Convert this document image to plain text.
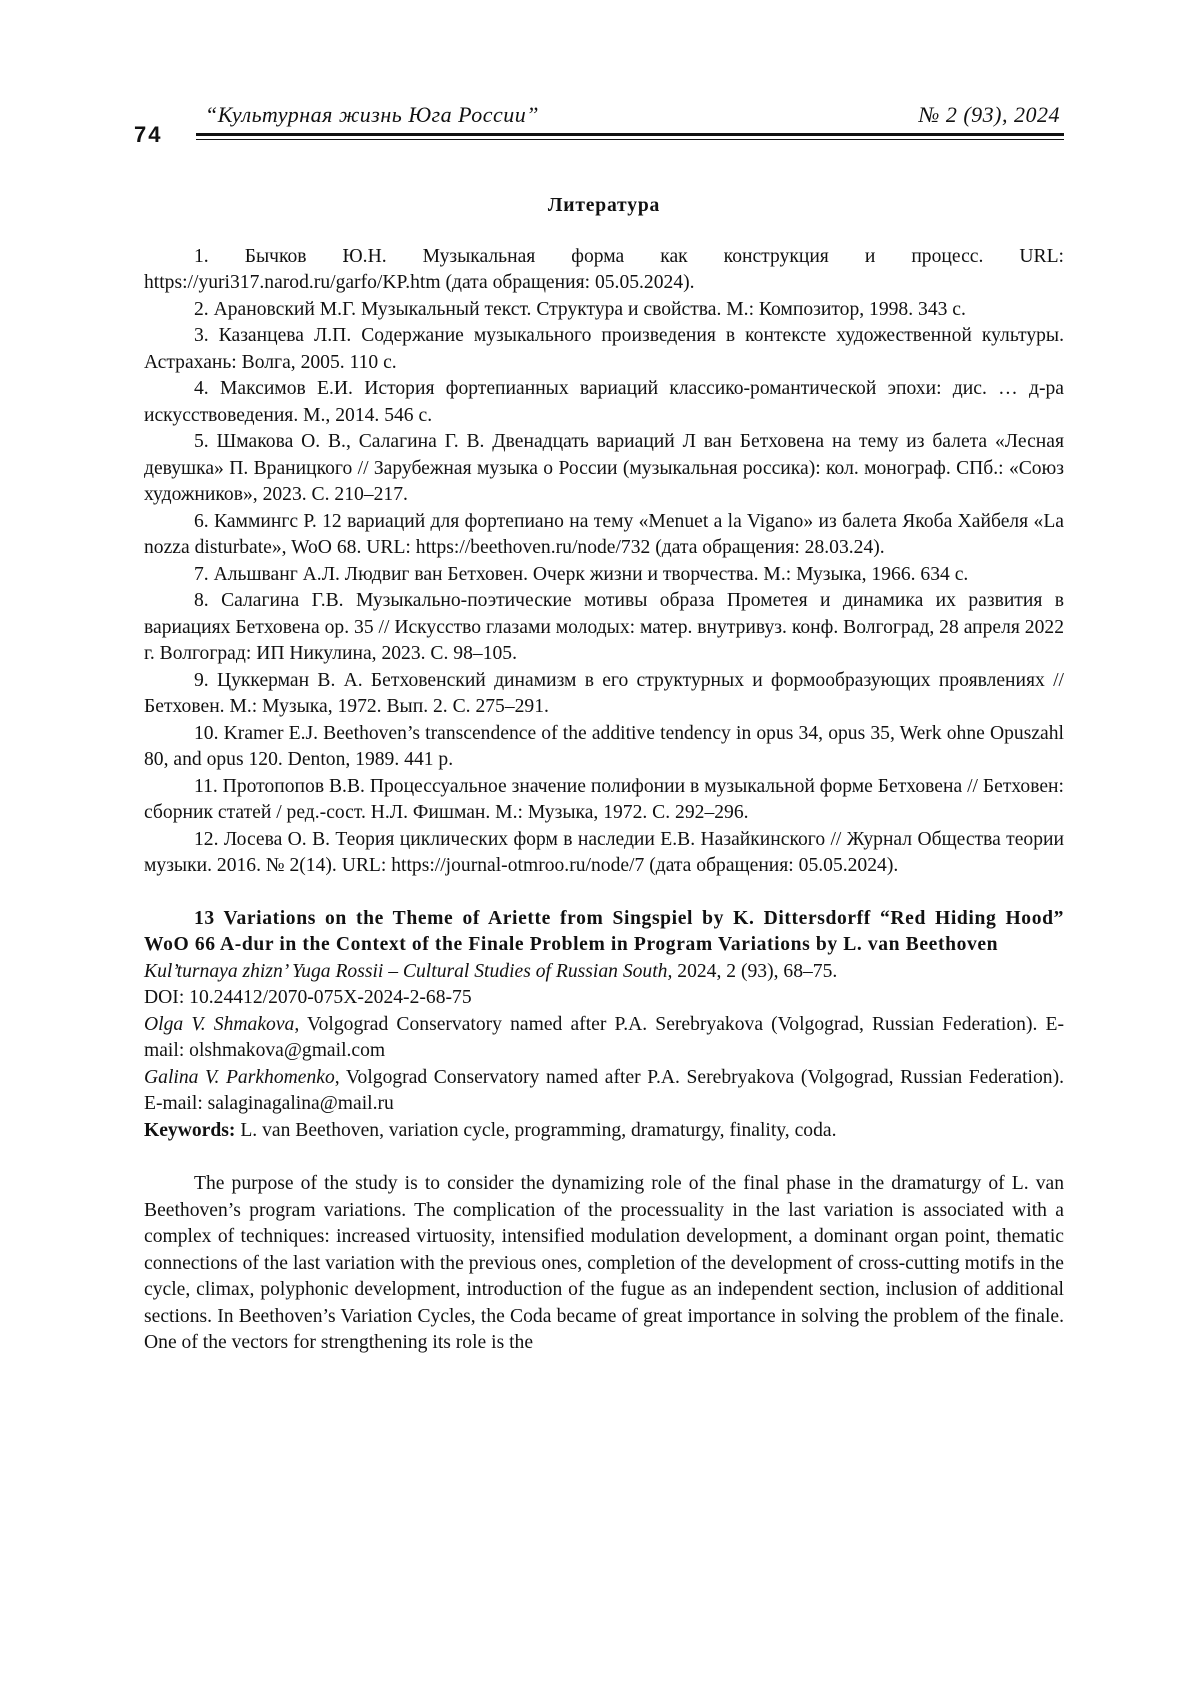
74
“Культурная жизнь Юга России”	№ 2 (93), 2024

Литература

1. Бычков Ю.Н. Музыкальная форма как конструкция и процесс. URL: https://yuri317.narod.ru/garfo/KP.htm (дата обращения: 05.05.2024).

2. Арановский М.Г. Музыкальный текст. Структура и свойства. М.: Композитор, 1998. 343 с.

3. Казанцева Л.П. Содержание музыкального произведения в контексте художественной культуры. Астрахань: Волга, 2005. 110 с.

4. Максимов Е.И. История фортепианных вариаций классико-романтической эпохи: дис. … д-ра искусствоведения. М., 2014. 546 с.

5. Шмакова О. В., Салагина Г. В. Двенадцать вариаций Л ван Бетховена на тему из балета «Лесная девушка» П. Враницкого // Зарубежная музыка о России (музыкальная россика): кол. монограф. СПб.: «Союз художников», 2023. С. 210–217.

6. Каммингс Р. 12 вариаций для фортепиано на тему «Menuet a la Vigano» из балета Якоба Хайбеля «La nozza disturbate», WoO 68. URL: https://beethoven.ru/node/732 (дата обращения: 28.03.24).

7. Альшванг А.Л. Людвиг ван Бетховен. Очерк жизни и творчества. М.: Музыка, 1966. 634 с.

8. Салагина Г.В. Музыкально-поэтические мотивы образа Прометея и динамика их развития в вариациях Бетховена ор. 35 // Искусство глазами молодых: матер. внутривуз. конф. Волгоград, 28 апреля 2022 г. Волгоград: ИП Никулина, 2023. С. 98–105.

9. Цуккерман В. А. Бетховенский динамизм в его структурных и формообразующих проявлениях // Бетховен. М.: Музыка, 1972. Вып. 2. С. 275–291.

10. Kramer E.J. Beethoven’s transcendence of the additive tendency in opus 34, opus 35, Werk ohne Opuszahl 80, and opus 120. Denton, 1989. 441 p.

11. Протопопов В.В. Процессуальное значение полифонии в музыкальной форме Бетховена // Бетховен: сборник статей / ред.-сост. Н.Л. Фишман. М.: Музыка, 1972. С. 292–296.

12. Лосева О. В. Теория циклических форм в наследии Е.В. Назайкинского // Журнал Общества теории музыки. 2016. № 2(14). URL: https://journal-otmroo.ru/node/7 (дата обращения: 05.05.2024).

13 Variations on the Theme of Ariette from Singspiel by K. Dittersdorff “Red Hiding Hood” WoO 66 A-dur in the Context of the Finale Problem in Program Variations by L. van Beethoven

Kul’turnaya zhizn’ Yuga Rossii – Cultural Studies of Russian South, 2024, 2 (93), 68–75.

DOI: 10.24412/2070-075X-2024-2-68-75

Olga V. Shmakova, Volgograd Conservatory named after P.A. Serebryakova (Volgograd, Russian Federation). E-mail: olshmakova@gmail.com

Galina V. Parkhomenko, Volgograd Conservatory named after P.A. Serebryakova (Volgograd, Russian Federation). E-mail: salaginagalina@mail.ru

Keywords: L. van Beethoven, variation cycle, programming, dramaturgy, finality, coda.

The purpose of the study is to consider the dynamizing role of the final phase in the dramaturgy of L. van Beethoven’s program variations. The complication of the processuality in the last variation is associated with a complex of techniques: increased virtuosity, intensified modulation development, a dominant organ point, thematic connections of the last variation with the previous ones, completion of the development of cross-cutting motifs in the cycle, climax, polyphonic development, introduction of the fugue as an independent section, inclusion of additional sections. In Beethoven’s Variation Cycles, the Coda became of great importance in solving the problem of the finale. One of the vectors for strengthening its role is the
